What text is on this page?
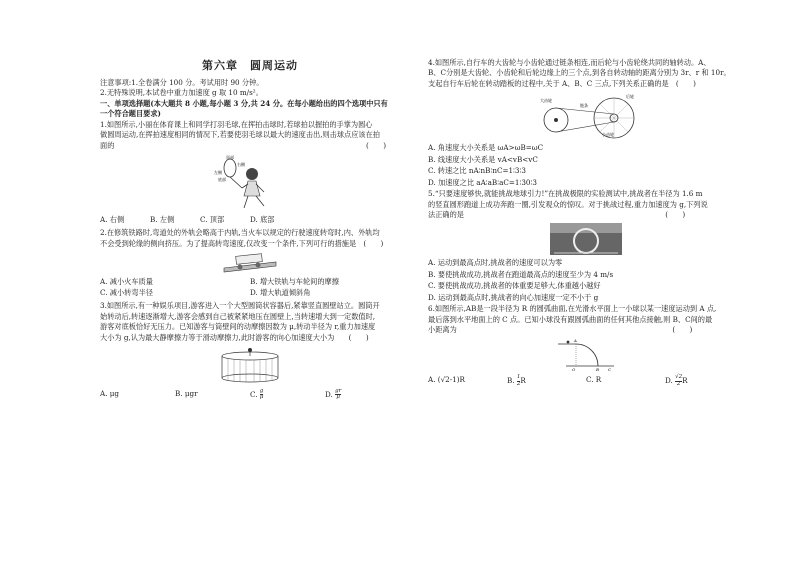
第六章　圆周运动

注意事项:1.全卷满分 100 分。考试用时 90 分钟。

2.无特殊说明,本试卷中重力加速度 g 取 10 m/s²。

一、单项选择题(本大题共 8 小题,每小题 3 分,共 24 分。在每小题给出的四个选项中只有

一个符合题目要求)

1.如图所示,小丽在体育课上和同学打羽毛球,在挥拍击球时,若球拍以握拍的手掌为圆心

做圆周运动,在挥拍速度相同的情况下,若要使羽毛球以最大的速度击出,则击球点应该在拍

面的	(　　)

顶部
右侧
左侧
底部
A. 右侧	B. 左侧	C. 顶部	D. 底部

2.在修筑铁路时,弯道处的外轨会略高于内轨,当火车以规定的行驶速度转弯时,内、外轨均

不会受到轮缘的侧向挤压。为了提高转弯速度,仅改变一个条件,下列可行的措施是　(　　)

A. 减小火车质量	B. 增大铁轨与车轮间的摩擦
C. 减小转弯半径	D. 增大轨道倾斜角

3.如图所示,有一种娱乐项目,游客进入一个大型圆筒状容器后,紧靠竖直圆壁站立。圆筒开

始转动后,转速逐渐增大,游客会感到自己被紧紧地压在圆壁上,当转速增大到一定数值时,

游客对底板恰好无压力。已知游客与筒壁间的动摩擦因数为 μ,转动半径为 r,重力加速度

大小为 g,认为最大静摩擦力等于滑动摩擦力,此时游客的向心加速度大小为　　(　　)

A. μg	B. μgr	C. $\frac{g}{\mu}$	D. $\frac{gr}{\mu}$

4.如图所示,自行车的大齿轮与小齿轮通过链条相连,而后轮与小齿轮绕共同的轴转动。A、

B、C分别是大齿轮、小齿轮和后轮边缘上的三个点,到各自转动轴的距离分别为 3r、r 和 10r。

支起自行车后轮在转动踏板的过程中,关于 A、B、C 三点,下列关系正确的是　(　　)

大齿轮
小齿轮
后轮
链条
A. 角速度大小关系是 ωA>ωB=ωC
B. 线速度大小关系是 vA<vB<vC
C. 转速之比 nA∶nB∶nC=1∶3∶3
D. 加速度之比 aA∶aB∶aC=1∶30∶3

5.“只要速度够快,就能挑战地球引力!”在挑战极限的实验测试中,挑战者在半径为 1.6 m

的竖直圆形跑道上成功奔跑一圈,引发观众的惊叹。对于挑战过程,重力加速度为 g,下列说

法正确的是　　　　　　　　　　　　　　　　　　　　　　　　　　　　(　　)

A. 运动到最高点时,挑战者的速度可以为零
B. 要使挑战成功,挑战者在跑道最高点的速度至少为 4 m/s
C. 要使挑战成功,挑战者的体重要足够大,体重越小越好
D. 运动到最高点时,挑战者的向心加速度一定不小于 g

6.如图所示,AB是一段半径为 R 的圆弧曲面,在光滑水平面上一小球以某一速度运动到 A 点,

最后落到水平地面上的 C 点。已知小球没有跟圆弧曲面的任何其他点接触,则 B、C间的最

小距离为　　　　　　　　　　　　　　　　　　　　　　　　　　　　　　(　　)

A
B C
O
A. (√2-1)R	B. $\frac{1}{2}$ R	C. R	D. $\frac{√2}{2}$ R
